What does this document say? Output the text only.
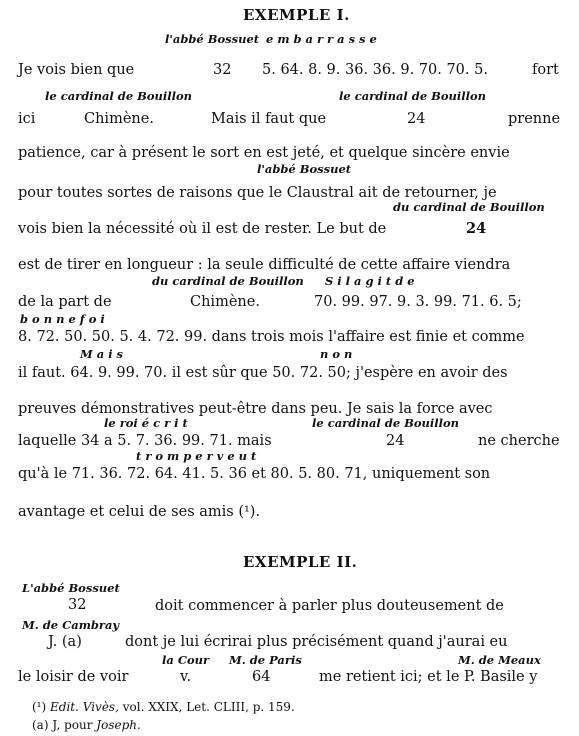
EXEMPLE I.
l'abbé Bossuet e m b a r r a s s e
Je vois bien que	32 5. 64. 8. 9. 36. 36. 9. 70. 70. 5.	fort
le cardinal de Bouillon	le cardinal de Bouillon
ici	Chimène.	Mais il faut que	24	prenne
patience, car à présent le sort en est jeté, et quelque sincère envie
l'abbé Bossuet
pour toutes sortes de raisons que le Claustral ait de retourner, je
du cardinal de Bouillon
vois bien la nécessité où il est de rester. Le but de	24
est de tirer en longueur : la seule difficulté de cette affaire viendra
du cardinal de Bouillon S i l a g i t d e
de la part de	Chimène.	70. 99. 97. 9. 3. 99. 71. 6. 5;
b o n n e f o i
8. 72. 50. 50. 5. 4. 72. 99. dans trois mois l'affaire est finie et comme
M a i s	n o n
il faut. 64. 9. 99. 70. il est sûr que 50. 72. 50; j'espère en avoir des
preuves démonstratives peut-être dans peu. Je sais la force avec
le roi é c r i t	le cardinal de Bouillon
laquelle 34 a 5. 7. 36. 99. 71. mais	24	ne cherche
t r o m p e r v e u t
qu'à le 71. 36. 72. 64. 41. 5. 36 et 80. 5. 80. 71, uniquement son
avantage et celui de ses amis (¹).
EXEMPLE II.
L'abbé Bossuet
32	doit commencer à parler plus douteusement de
M. de Cambray
J. (a)	dont je lui écrirai plus précisément quand j'aurai eu
la Cour M. de Paris	M. de Meaux
le loisir de voir	v.	64	me retient ici; et le P. Basile y
(¹) Edit. Vivès, vol. XXIX, Let. CLIII, p. 159.
(a) J, pour Joseph.
